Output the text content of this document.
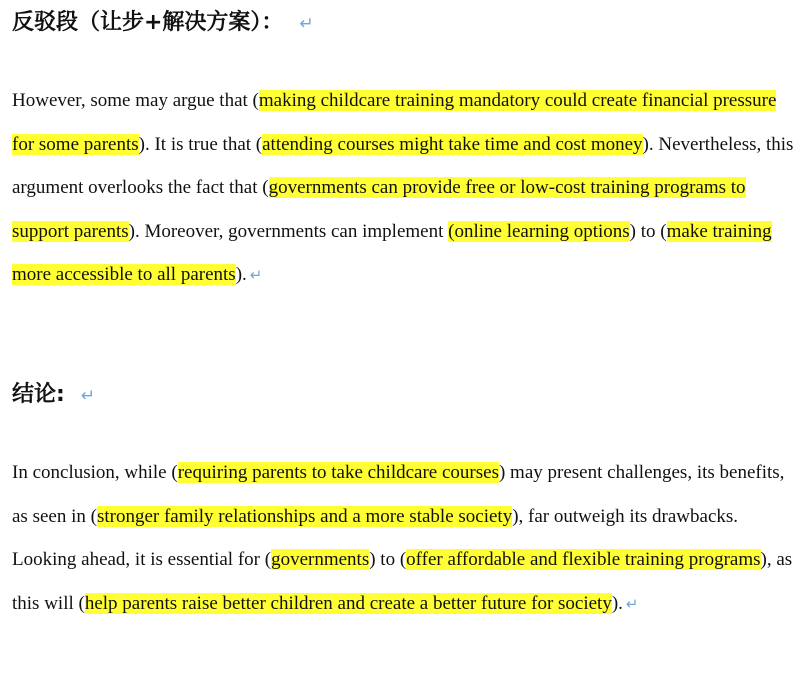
反驳段（让步+解决方案）： ↵

However, some may argue that (making childcare training mandatory could create financial pressure for some parents). It is true that (attending courses might take time and cost money). Nevertheless, this argument overlooks the fact that (governments can provide free or low-cost training programs to support parents). Moreover, governments can implement (online learning options) to (make training more accessible to all parents). ↵

结论: ↵

In conclusion, while (requiring parents to take childcare courses) may present challenges, its benefits, as seen in (stronger family relationships and a more stable society), far outweigh its drawbacks. Looking ahead, it is essential for (governments) to (offer affordable and flexible training programs), as this will (help parents raise better children and create a better future for society). ↵
